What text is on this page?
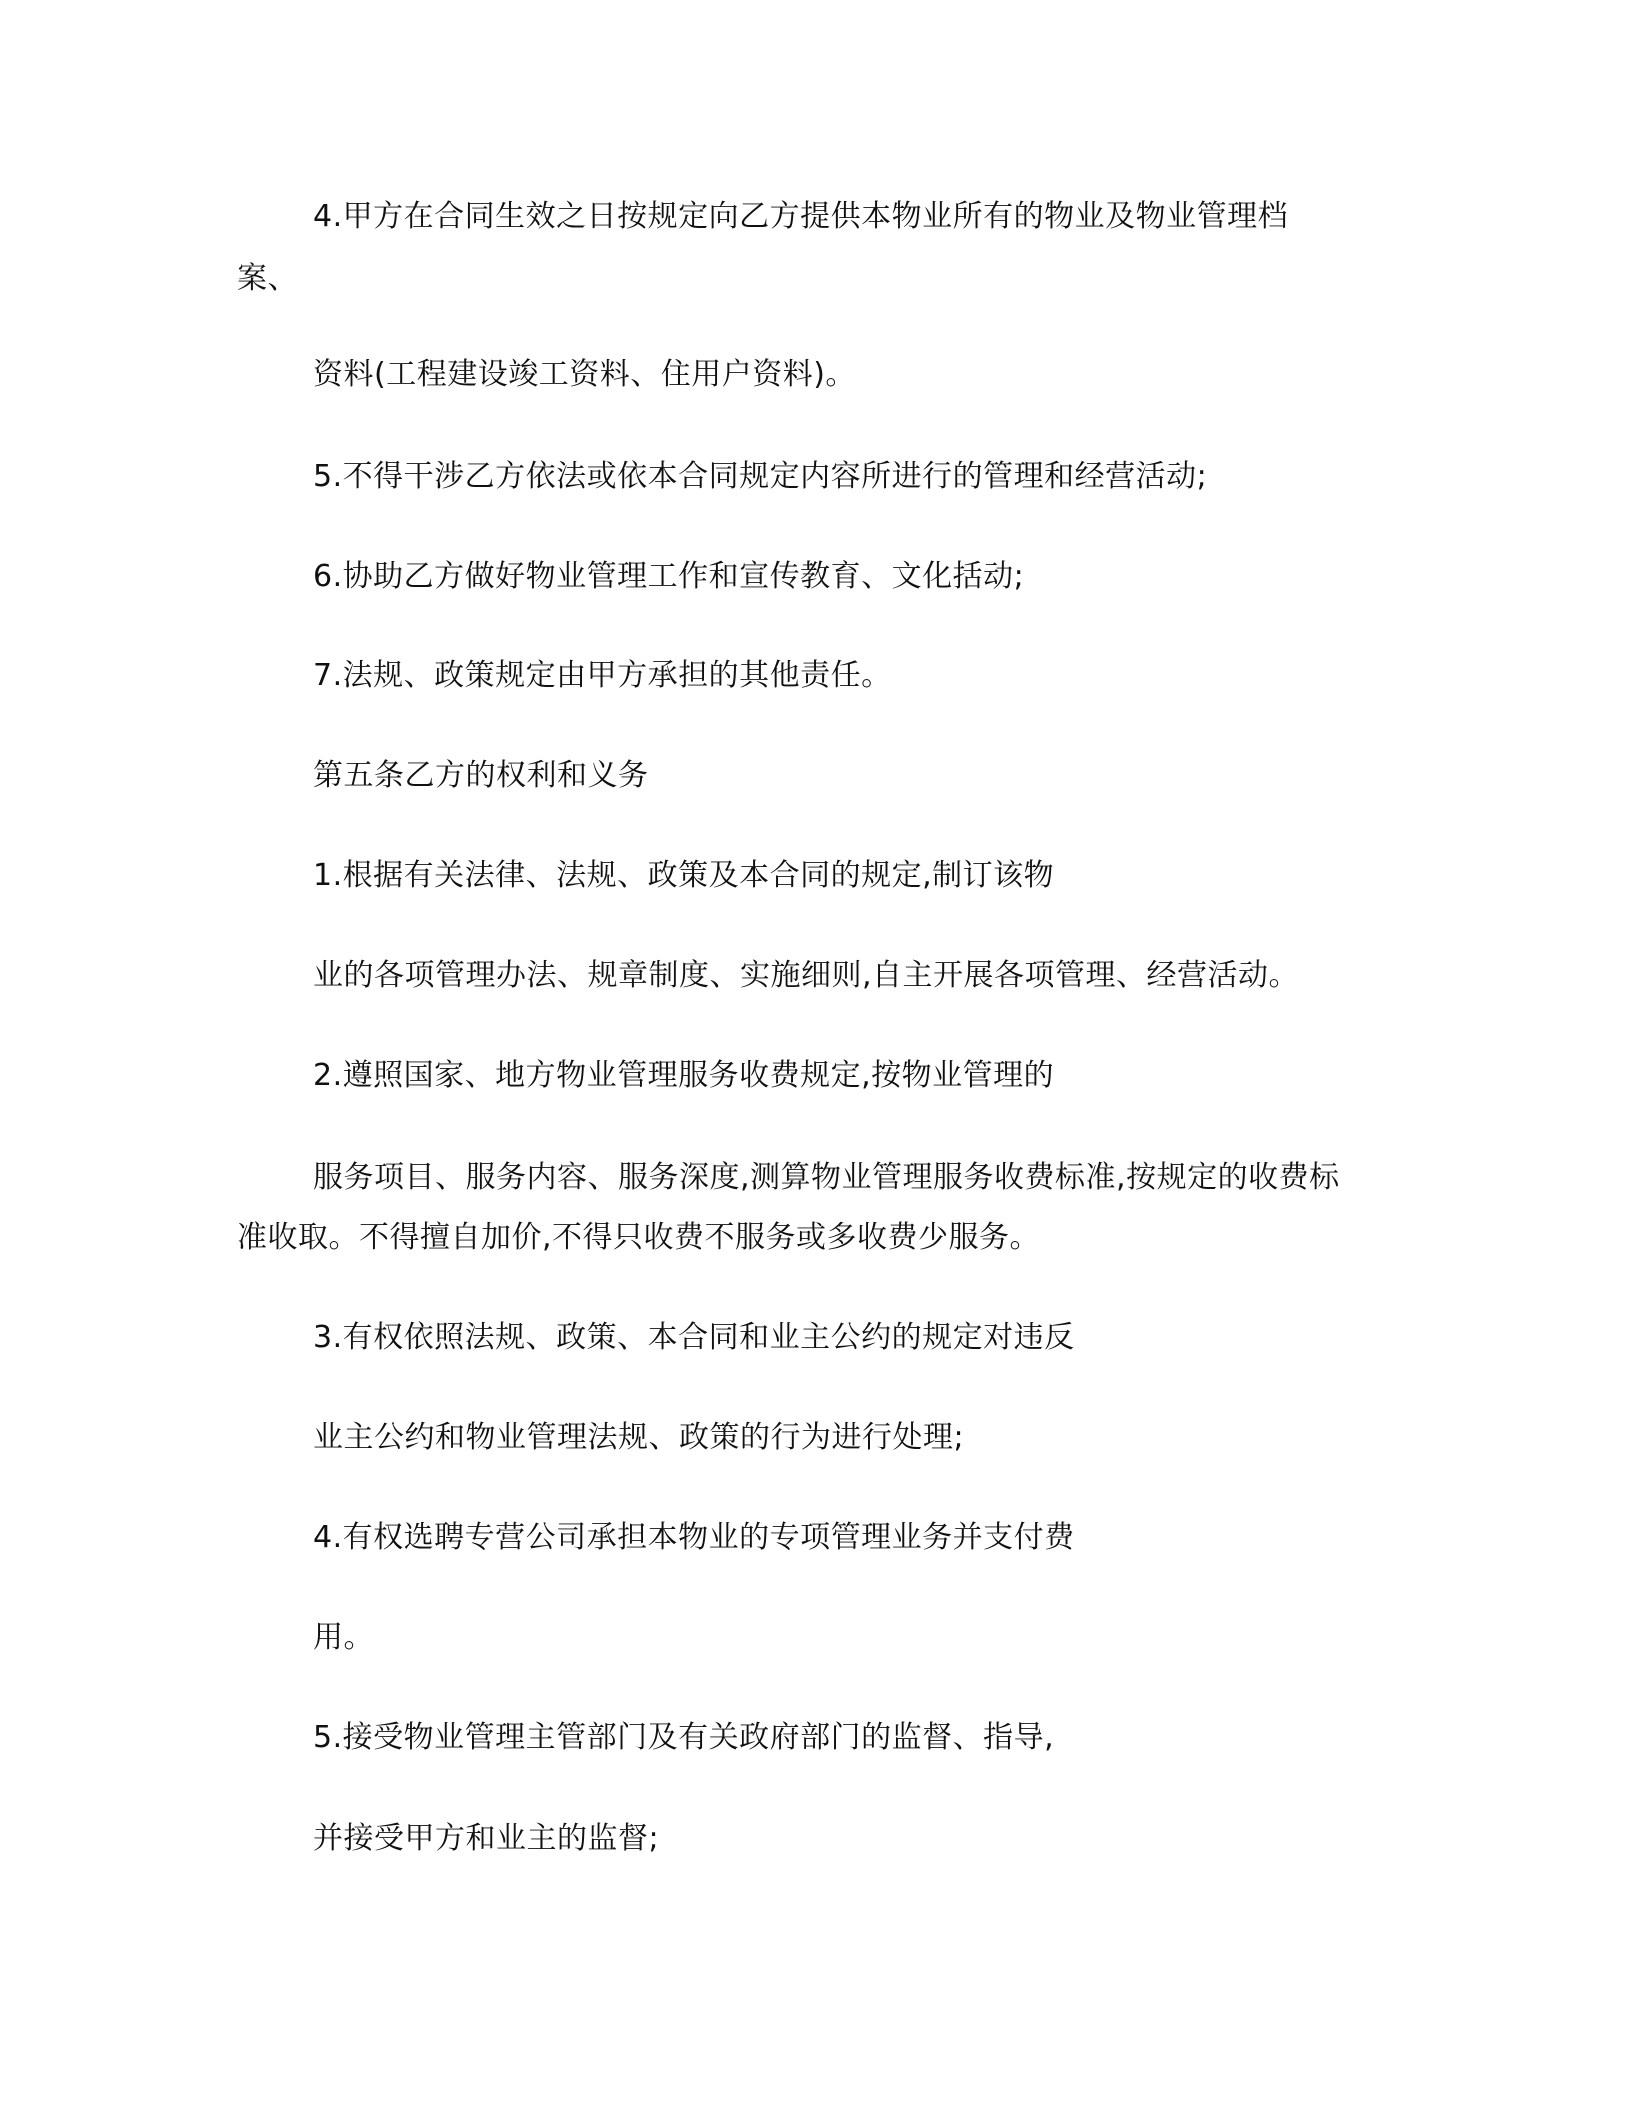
4.甲方在合同生效之日按规定向乙方提供本物业所有的物业及物业管理档
案、
资料(工程建设竣工资料、住用户资料)。
5.不得干涉乙方依法或依本合同规定内容所进行的管理和经营活动;
6.协助乙方做好物业管理工作和宣传教育、文化括动;
7.法规、政策规定由甲方承担的其他责任。
第五条乙方的权利和义务
1.根据有关法律、法规、政策及本合同的规定,制订该物
业的各项管理办法、规章制度、实施细则,自主开展各项管理、经营活动。
2.遵照国家、地方物业管理服务收费规定,按物业管理的
服务项目、服务内容、服务深度,测算物业管理服务收费标准,按规定的收费标
准收取。不得擅自加价,不得只收费不服务或多收费少服务。
3.有权依照法规、政策、本合同和业主公约的规定对违反
业主公约和物业管理法规、政策的行为进行处理;
4.有权选聘专营公司承担本物业的专项管理业务并支付费
用。
5.接受物业管理主管部门及有关政府部门的监督、指导,
并接受甲方和业主的监督;
